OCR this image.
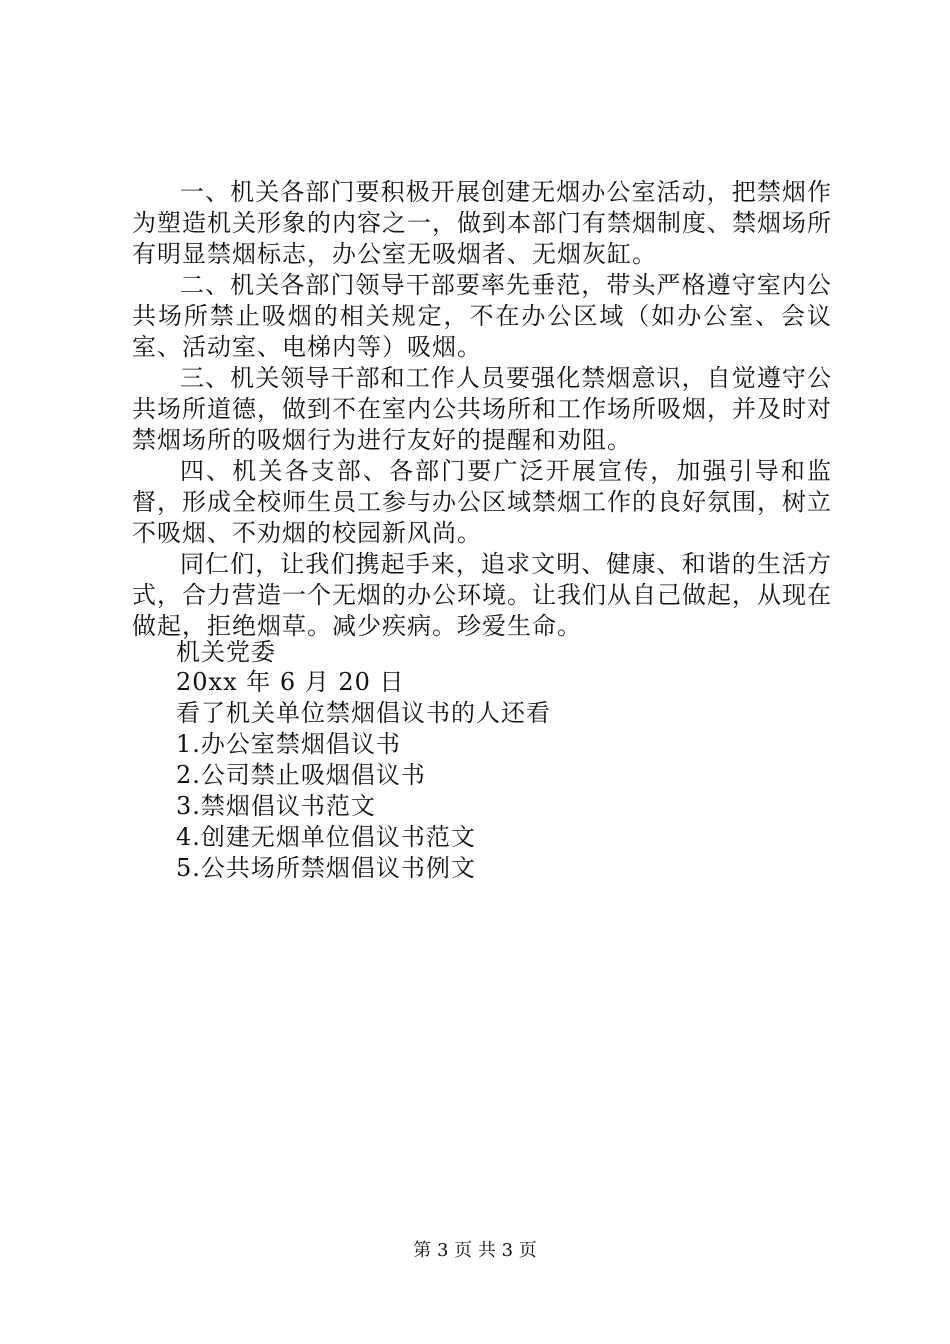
一、机关各部门要积极开展创建无烟办公室活动，把禁烟作为塑造机关形象的内容之一，做到本部门有禁烟制度、禁烟场所有明显禁烟标志，办公室无吸烟者、无烟灰缸。

二、机关各部门领导干部要率先垂范，带头严格遵守室内公共场所禁止吸烟的相关规定，不在办公区域（如办公室、会议室、活动室、电梯内等）吸烟。

三、机关领导干部和工作人员要强化禁烟意识，自觉遵守公共场所道德，做到不在室内公共场所和工作场所吸烟，并及时对禁烟场所的吸烟行为进行友好的提醒和劝阻。

四、机关各支部、各部门要广泛开展宣传，加强引导和监督，形成全校师生员工参与办公区域禁烟工作的良好氛围，树立不吸烟、不劝烟的校园新风尚。

同仁们，让我们携起手来，追求文明、健康、和谐的生活方式，合力营造一个无烟的办公环境。让我们从自己做起，从现在做起，拒绝烟草。减少疾病。珍爱生命。

机关党委

20xx 年 6 月 20 日

看了机关单位禁烟倡议书的人还看

1.办公室禁烟倡议书

2.公司禁止吸烟倡议书

3.禁烟倡议书范文

4.创建无烟单位倡议书范文

5.公共场所禁烟倡议书例文

第 3 页 共 3 页
